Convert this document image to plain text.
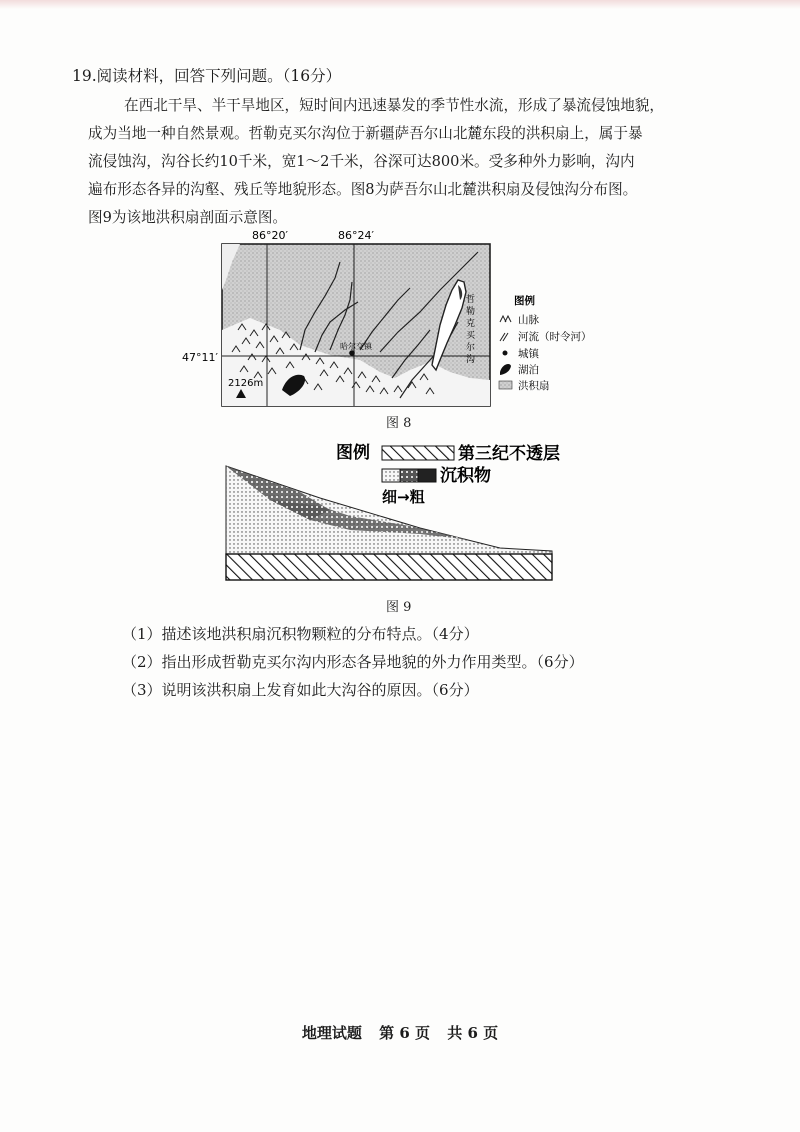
19.阅读材料，回答下列问题。（16分）
在西北干旱、半干旱地区，短时间内迅速暴发的季节性水流，形成了暴流侵蚀地貌，
成为当地一种自然景观。哲勒克买尔沟位于新疆萨吾尔山北麓东段的洪积扇上，属于暴
流侵蚀沟，沟谷长约10千米，宽1～2千米，谷深可达800米。受多种外力影响，沟内
遍布形态各异的沟壑、残丘等地貌形态。图8为萨吾尔山北麓洪积扇及侵蚀沟分布图。
图9为该地洪积扇剖面示意图。
86°20′	86°24′
47°11′
2126m
哈尔交镇
哲
勒
克
买
尔
沟
图例
山脉
河流（时令河）
城镇
湖泊
洪积扇
图 8
图例	第三纪不透层
沉积物
细→粗
图 9
（1）描述该地洪积扇沉积物颗粒的分布特点。（4分）
（2）指出形成哲勒克买尔沟内形态各异地貌的外力作用类型。（6分）
（3）说明该洪积扇上发育如此大沟谷的原因。（6分）
地理试题 第 6 页 共 6 页
